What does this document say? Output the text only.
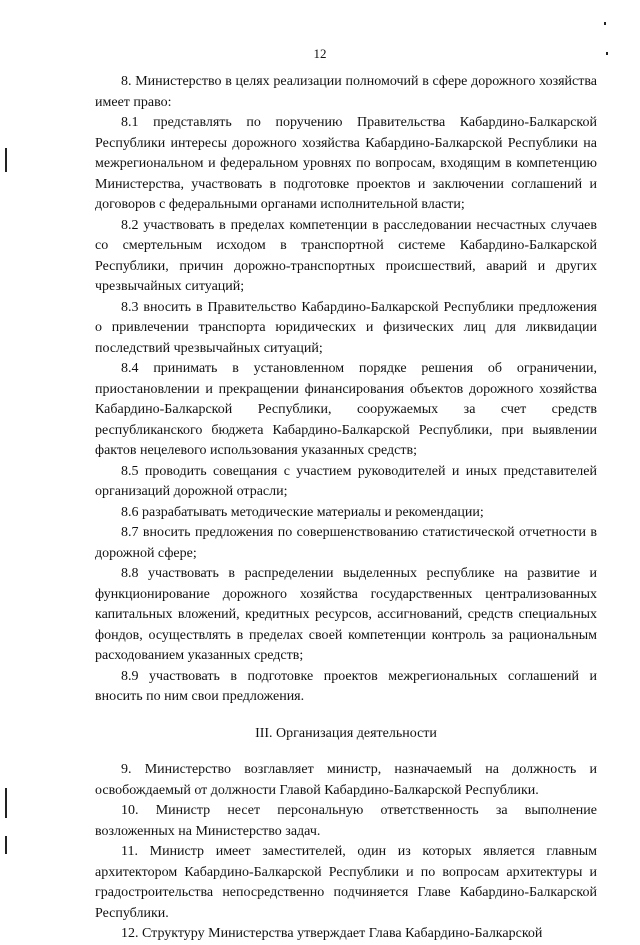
12

8. Министерство в целях реализации полномочий в сфере дорожного хозяйства имеет право:

8.1 представлять по поручению Правительства Кабардино-Балкарской Республики интересы дорожного хозяйства Кабардино-Балкарской Республики на межрегиональном и федеральном уровнях по вопросам, входящим в компетенцию Министерства, участвовать в подготовке проектов и заключении соглашений и договоров с федеральными органами исполнительной власти;

8.2 участвовать в пределах компетенции в расследовании несчастных случаев со смертельным исходом в транспортной системе Кабардино-Балкарской Республики, причин дорожно-транспортных происшествий, аварий и других чрезвычайных ситуаций;

8.3 вносить в Правительство Кабардино-Балкарской Республики предложения о привлечении транспорта юридических и физических лиц для ликвидации последствий чрезвычайных ситуаций;

8.4 принимать в установленном порядке решения об ограничении, приостановлении и прекращении финансирования объектов дорожного хозяйства Кабардино-Балкарской Республики, сооружаемых за счет средств республиканского бюджета Кабардино-Балкарской Республики, при выявлении фактов нецелевого использования указанных средств;

8.5 проводить совещания с участием руководителей и иных представителей организаций дорожной отрасли;

8.6 разрабатывать методические материалы и рекомендации;

8.7 вносить предложения по совершенствованию статистической отчетности в дорожной сфере;

8.8 участвовать в распределении выделенных республике на развитие и функционирование дорожного хозяйства государственных централизованных капитальных вложений, кредитных ресурсов, ассигнований, средств специальных фондов, осуществлять в пределах своей компетенции контроль за рациональным расходованием указанных средств;

8.9 участвовать в подготовке проектов межрегиональных соглашений и вносить по ним свои предложения.

III. Организация деятельности

9. Министерство возглавляет министр, назначаемый на должность и освобождаемый от должности Главой Кабардино-Балкарской Республики.

10. Министр несет персональную ответственность за выполнение возложенных на Министерство задач.

11. Министр имеет заместителей, один из которых является главным архитектором Кабардино-Балкарской Республики и по вопросам архитектуры и градостроительства непосредственно подчиняется Главе Кабардино-Балкарской Республики.

12. Структуру Министерства утверждает Глава Кабардино-Балкарской
